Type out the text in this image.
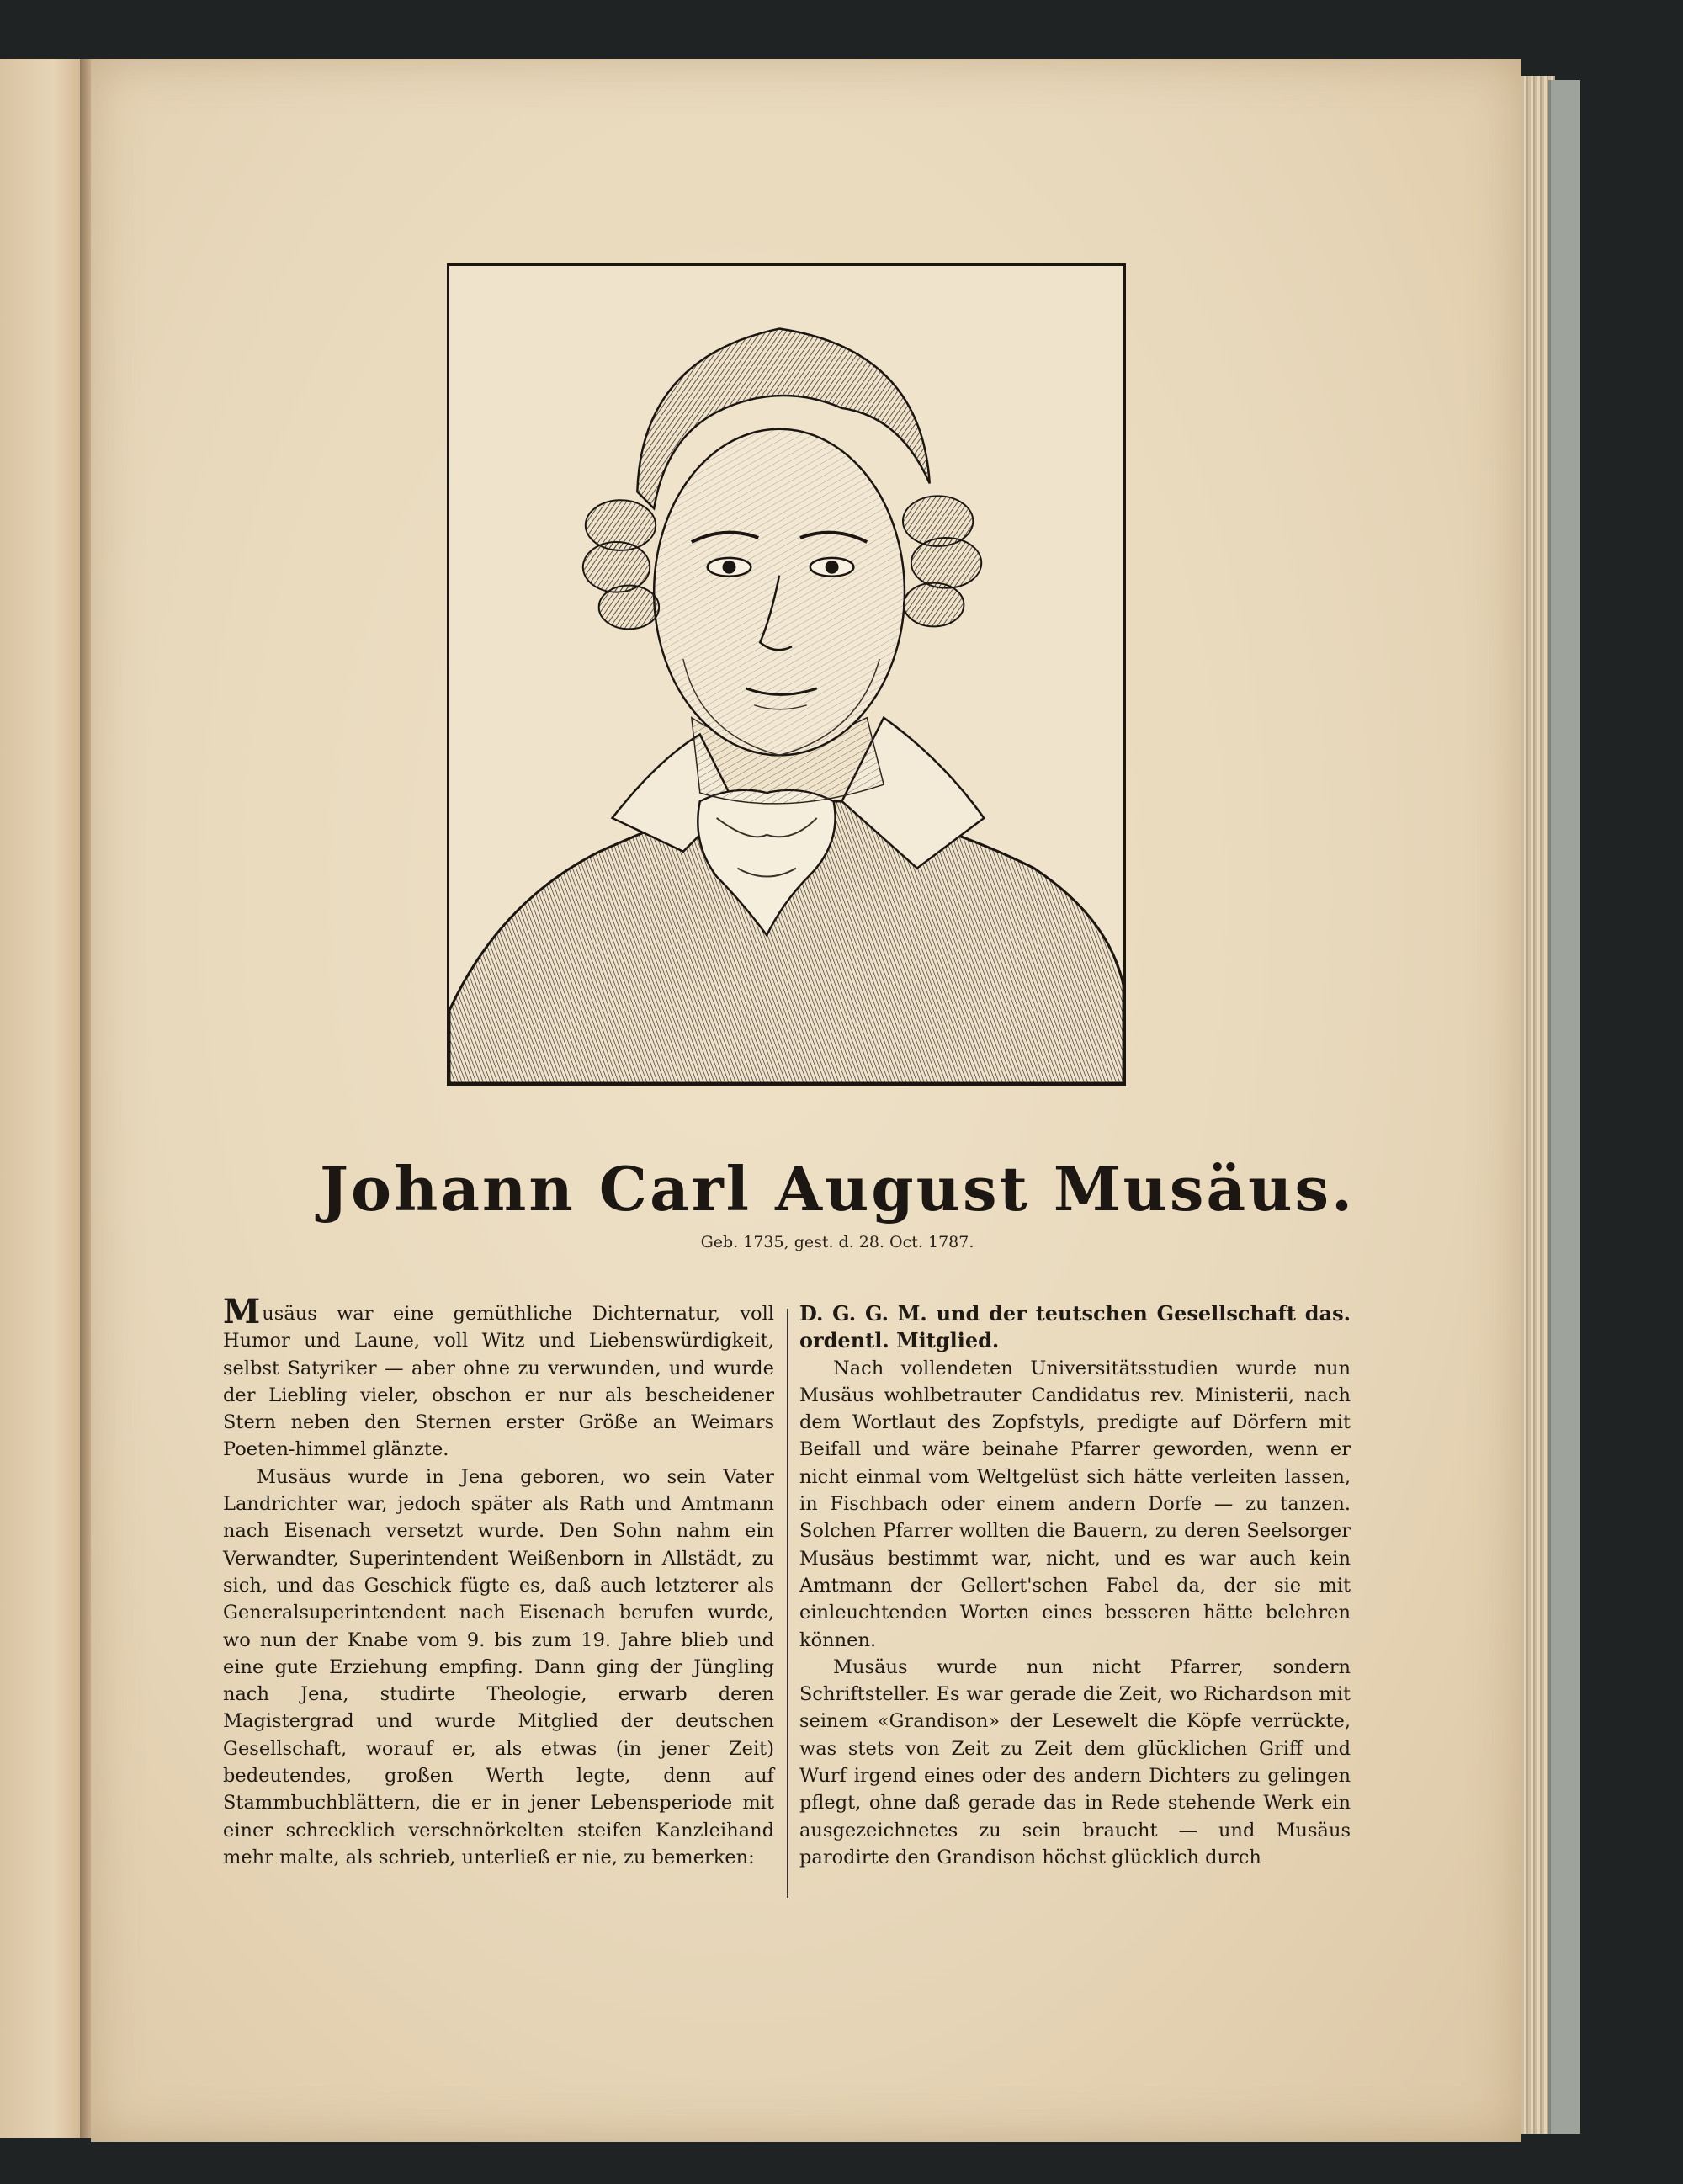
Johann Carl August Musäus.
Geb. 1735, gest. d. 28. Oct. 1787.

Musäus war eine gemüthliche Dichternatur, voll Humor und Laune, voll Witz und Liebenswürdigkeit, selbst Satyriker — aber ohne zu verwunden, und wurde der Liebling vieler, obschon er nur als bescheidener Stern neben den Sternen erster Größe an Weimars Poeten-himmel glänzte.

Musäus wurde in Jena geboren, wo sein Vater Landrichter war, jedoch später als Rath und Amtmann nach Eisenach versetzt wurde. Den Sohn nahm ein Verwandter, Superintendent Weißenborn in Allstädt, zu sich, und das Geschick fügte es, daß auch letzterer als Generalsuperintendent nach Eisenach berufen wurde, wo nun der Knabe vom 9. bis zum 19. Jahre blieb und eine gute Erziehung empfing. Dann ging der Jüngling nach Jena, studirte Theologie, erwarb deren Magistergrad und wurde Mitglied der deutschen Gesellschaft, worauf er, als etwas (in jener Zeit) bedeutendes, großen Werth legte, denn auf Stammbuchblättern, die er in jener Lebensperiode mit einer schrecklich verschnörkelten steifen Kanzleihand mehr malte, als schrieb, unterließ er nie, zu bemerken:

D. G. G. M. und der teutschen Gesellschaft das. ordentl. Mitglied.

Nach vollendeten Universitätsstudien wurde nun Musäus wohlbetrauter Candidatus rev. Ministerii, nach dem Wortlaut des Zopfstyls, predigte auf Dörfern mit Beifall und wäre beinahe Pfarrer geworden, wenn er nicht einmal vom Weltgelüst sich hätte verleiten lassen, in Fischbach oder einem andern Dorfe — zu tanzen. Solchen Pfarrer wollten die Bauern, zu deren Seelsorger Musäus bestimmt war, nicht, und es war auch kein Amtmann der Gellert'schen Fabel da, der sie mit einleuchtenden Worten eines besseren hätte belehren können.

Musäus wurde nun nicht Pfarrer, sondern Schriftsteller. Es war gerade die Zeit, wo Richardson mit seinem «Grandison» der Lesewelt die Köpfe verrückte, was stets von Zeit zu Zeit dem glücklichen Griff und Wurf irgend eines oder des andern Dichters zu gelingen pflegt, ohne daß gerade das in Rede stehende Werk ein ausgezeichnetes zu sein braucht — und Musäus parodirte den Grandison höchst glücklich durch
